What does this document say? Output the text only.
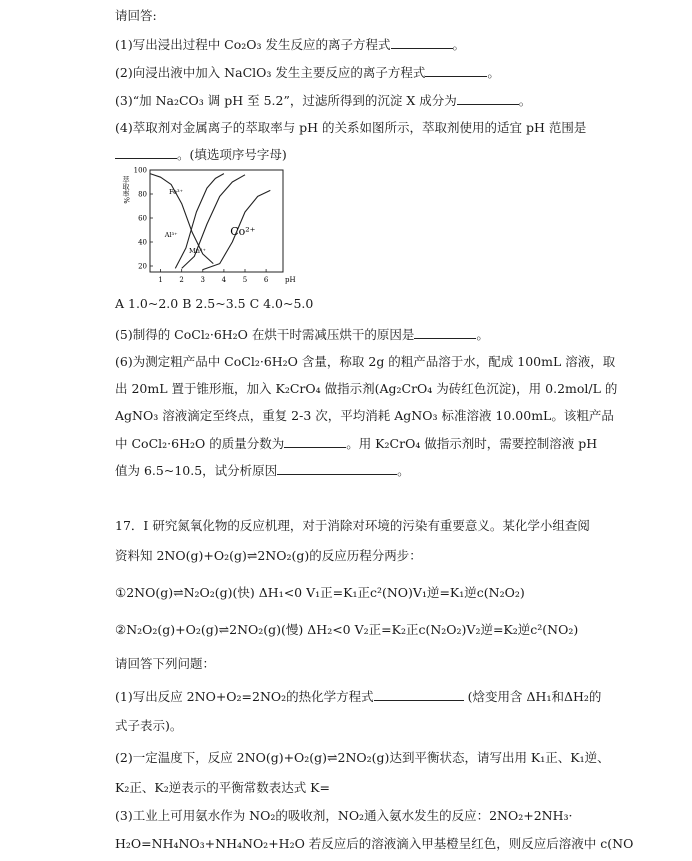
请回答:
(1)写出浸出过程中 Co₂O₃ 发生反应的离子方程式	。
(2)向浸出液中加入 NaClO₃ 发生主要反应的离子方程式	。
(3)“加 Na₂CO₃ 调 pH 至 5.2”，过滤所得到的沉淀 X 成分为	。
(4)萃取剂对金属离子的萃取率与 pH 的关系如图所示，萃取剂使用的适宜 pH 范围是
。(填选项序号字母)
萃取率%
20
40
60
80
100
1 2 3 4 5 6 pH
Fe³⁺
Al³⁺
Mn²⁺
Co²⁺
A 1.0~2.0 B 2.5~3.5 C 4.0~5.0
(5)制得的 CoCl₂·6H₂O 在烘干时需减压烘干的原因是	。
(6)为测定粗产品中 CoCl₂·6H₂O 含量，称取 2g 的粗产品溶于水，配成 100mL 溶液，取
出 20mL 置于锥形瓶，加入 K₂CrO₄ 做指示剂(Ag₂CrO₄ 为砖红色沉淀)，用 0.2mol/L 的
AgNO₃ 溶液滴定至终点，重复 2-3 次，平均消耗 AgNO₃ 标准溶液 10.00mL。该粗产品
中 CoCl₂·6H₂O 的质量分数为	。用 K₂CrO₄ 做指示剂时，需要控制溶液 pH
值为 6.5~10.5，试分析原因	。
17．I 研究氮氧化物的反应机理，对于消除对环境的污染有重要意义。某化学小组查阅
资料知 2NO(g)+O₂(g)⇌2NO₂(g)的反应历程分两步：
①2NO(g)⇌N₂O₂(g)(快) ΔH₁<0 V₁正=K₁正c²(NO)V₁逆=K₁逆c(N₂O₂)
②N₂O₂(g)+O₂(g)⇌2NO₂(g)(慢) ΔH₂<0 V₂正=K₂正c(N₂O₂)V₂逆=K₂逆c²(NO₂)
请回答下列问题：
(1)写出反应 2NO+O₂=2NO₂的热化学方程式	(焓变用含 ΔH₁和ΔH₂的
式子表示)。
(2)一定温度下，反应 2NO(g)+O₂(g)⇌2NO₂(g)达到平衡状态，请写出用 K₁正、K₁逆、
K₂正、K₂逆表示的平衡常数表达式 K=
(3)工业上可用氨水作为 NO₂的吸收剂，NO₂通入氨水发生的反应：2NO₂+2NH₃·
H₂O=NH₄NO₃+NH₄NO₂+H₂O 若反应后的溶液滴入甲基橙呈红色，则反应后溶液中 c(NO
